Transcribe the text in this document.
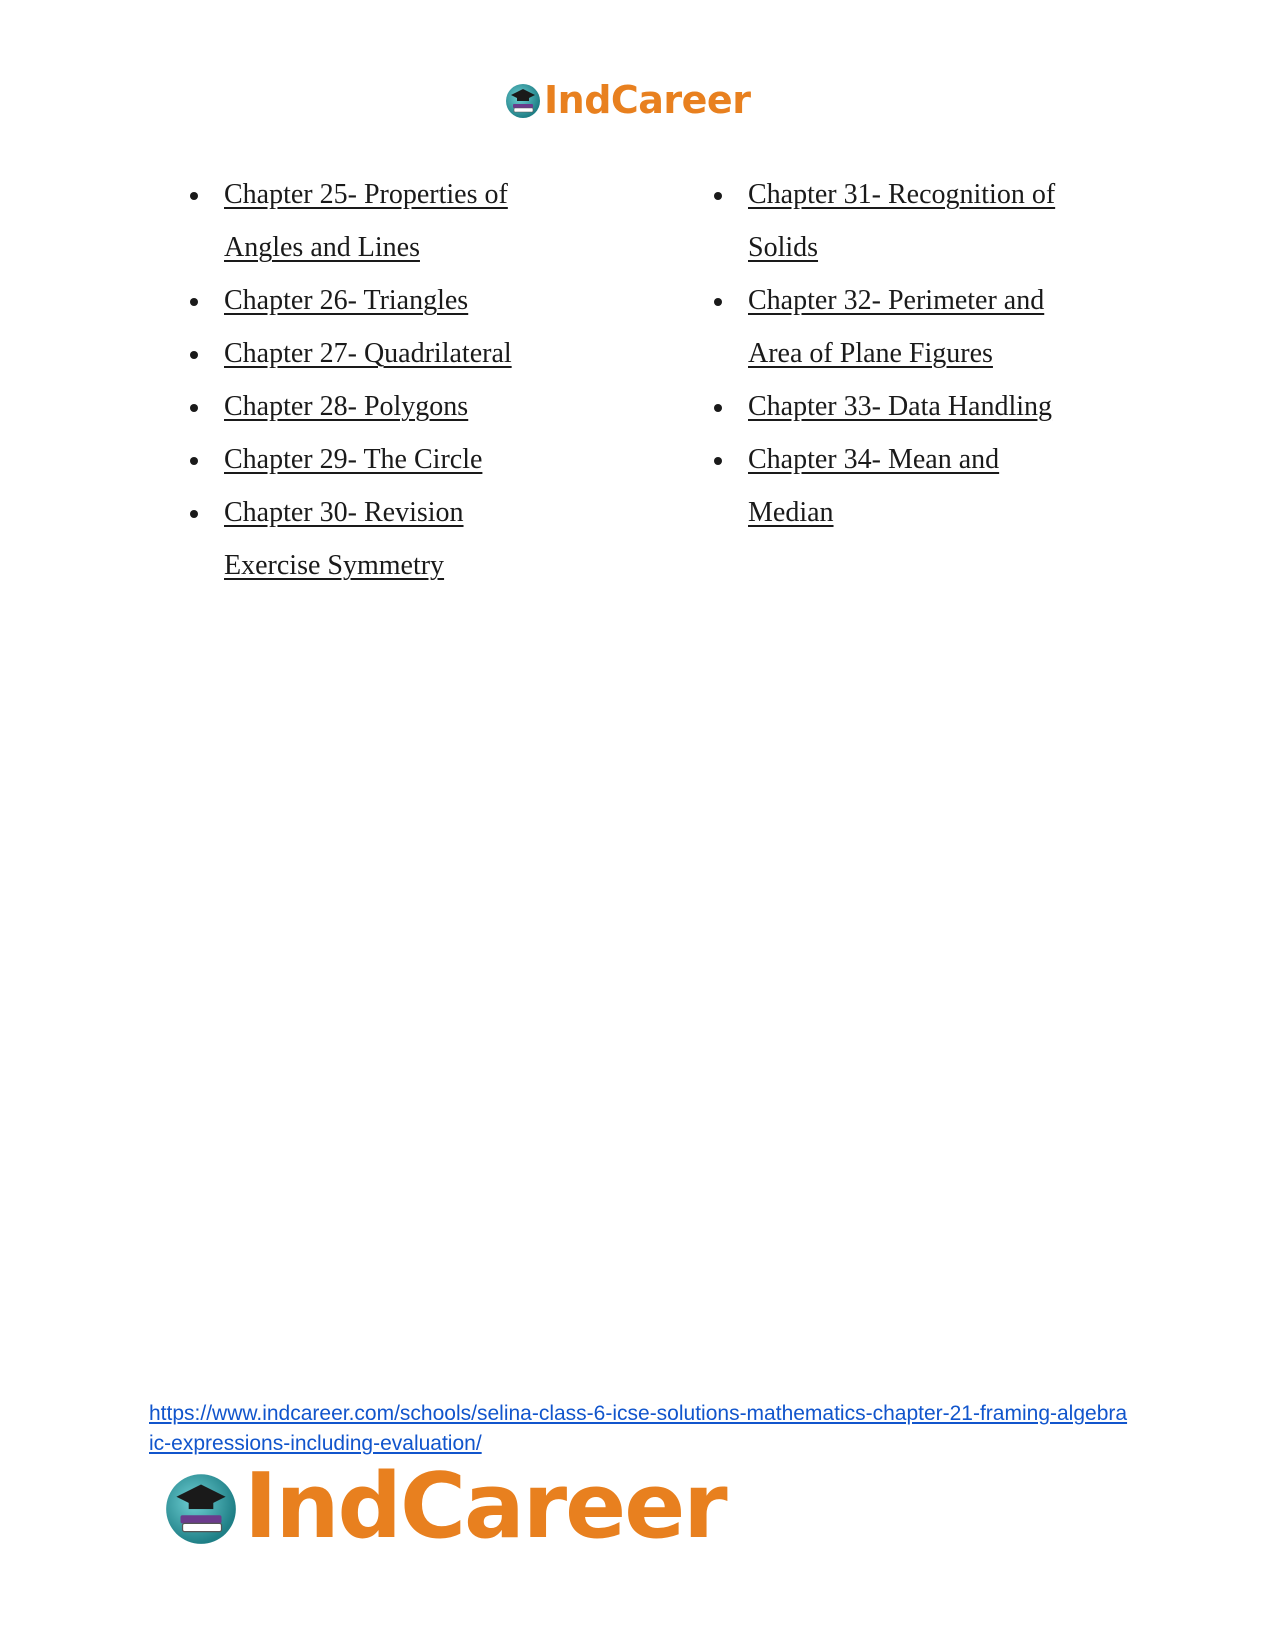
IndCareer
Chapter 25- Properties of
Angles and Lines
Chapter 26- Triangles
Chapter 27- Quadrilateral
Chapter 28- Polygons
Chapter 29- The Circle
Chapter 30- Revision
Exercise Symmetry
Chapter 31- Recognition of
Solids
Chapter 32- Perimeter and
Area of Plane Figures
Chapter 33- Data Handling
Chapter 34- Mean and
Median
https://www.indcareer.com/schools/selina-class-6-icse-solutions-mathematics-chapter-21-framing-algebraic-expressions-including-evaluation/
IndCareer
